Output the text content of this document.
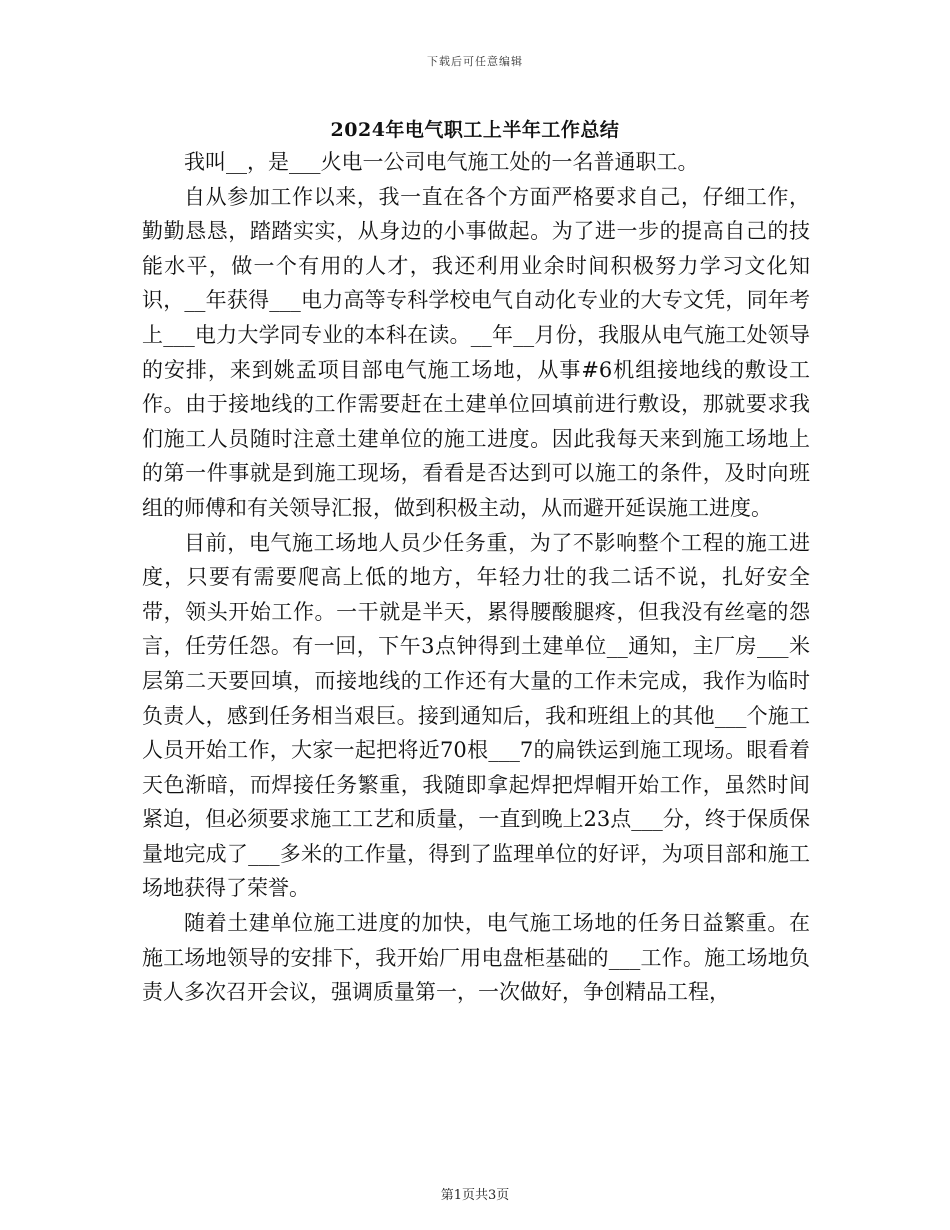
下载后可任意编辑
2024年电气职工上半年工作总结

我叫__，是___火电一公司电气施工处的一名普通职工。

自从参加工作以来，我一直在各个方面严格要求自己，仔细工作，勤勤恳恳，踏踏实实，从身边的小事做起。为了进一步的提高自己的技能水平，做一个有用的人才，我还利用业余时间积极努力学习文化知识，__年获得___电力高等专科学校电气自动化专业的大专文凭，同年考上___电力大学同专业的本科在读。__年__月份，我服从电气施工处领导的安排，来到姚孟项目部电气施工场地，从事#6机组接地线的敷设工作。由于接地线的工作需要赶在土建单位回填前进行敷设，那就要求我们施工人员随时注意土建单位的施工进度。因此我每天来到施工场地上的第一件事就是到施工现场，看看是否达到可以施工的条件，及时向班组的师傅和有关领导汇报，做到积极主动，从而避开延误施工进度。

目前，电气施工场地人员少任务重，为了不影响整个工程的施工进度，只要有需要爬高上低的地方，年轻力壮的我二话不说，扎好安全带，领头开始工作。一干就是半天，累得腰酸腿疼，但我没有丝毫的怨言，任劳任怨。有一回，下午3点钟得到土建单位__通知，主厂房___米层第二天要回填，而接地线的工作还有大量的工作未完成，我作为临时负责人，感到任务相当艰巨。接到通知后，我和班组上的其他___个施工人员开始工作，大家一起把将近70根___7的扁铁运到施工现场。眼看着天色渐暗，而焊接任务繁重，我随即拿起焊把焊帽开始工作，虽然时间紧迫，但必须要求施工工艺和质量，一直到晚上23点___分，终于保质保量地完成了___多米的工作量，得到了监理单位的好评，为项目部和施工场地获得了荣誉。

随着土建单位施工进度的加快，电气施工场地的任务日益繁重。在施工场地领导的安排下，我开始厂用电盘柜基础的___工作。施工场地负责人多次召开会议，强调质量第一，一次做好，争创精品工程，

第1页共3页
